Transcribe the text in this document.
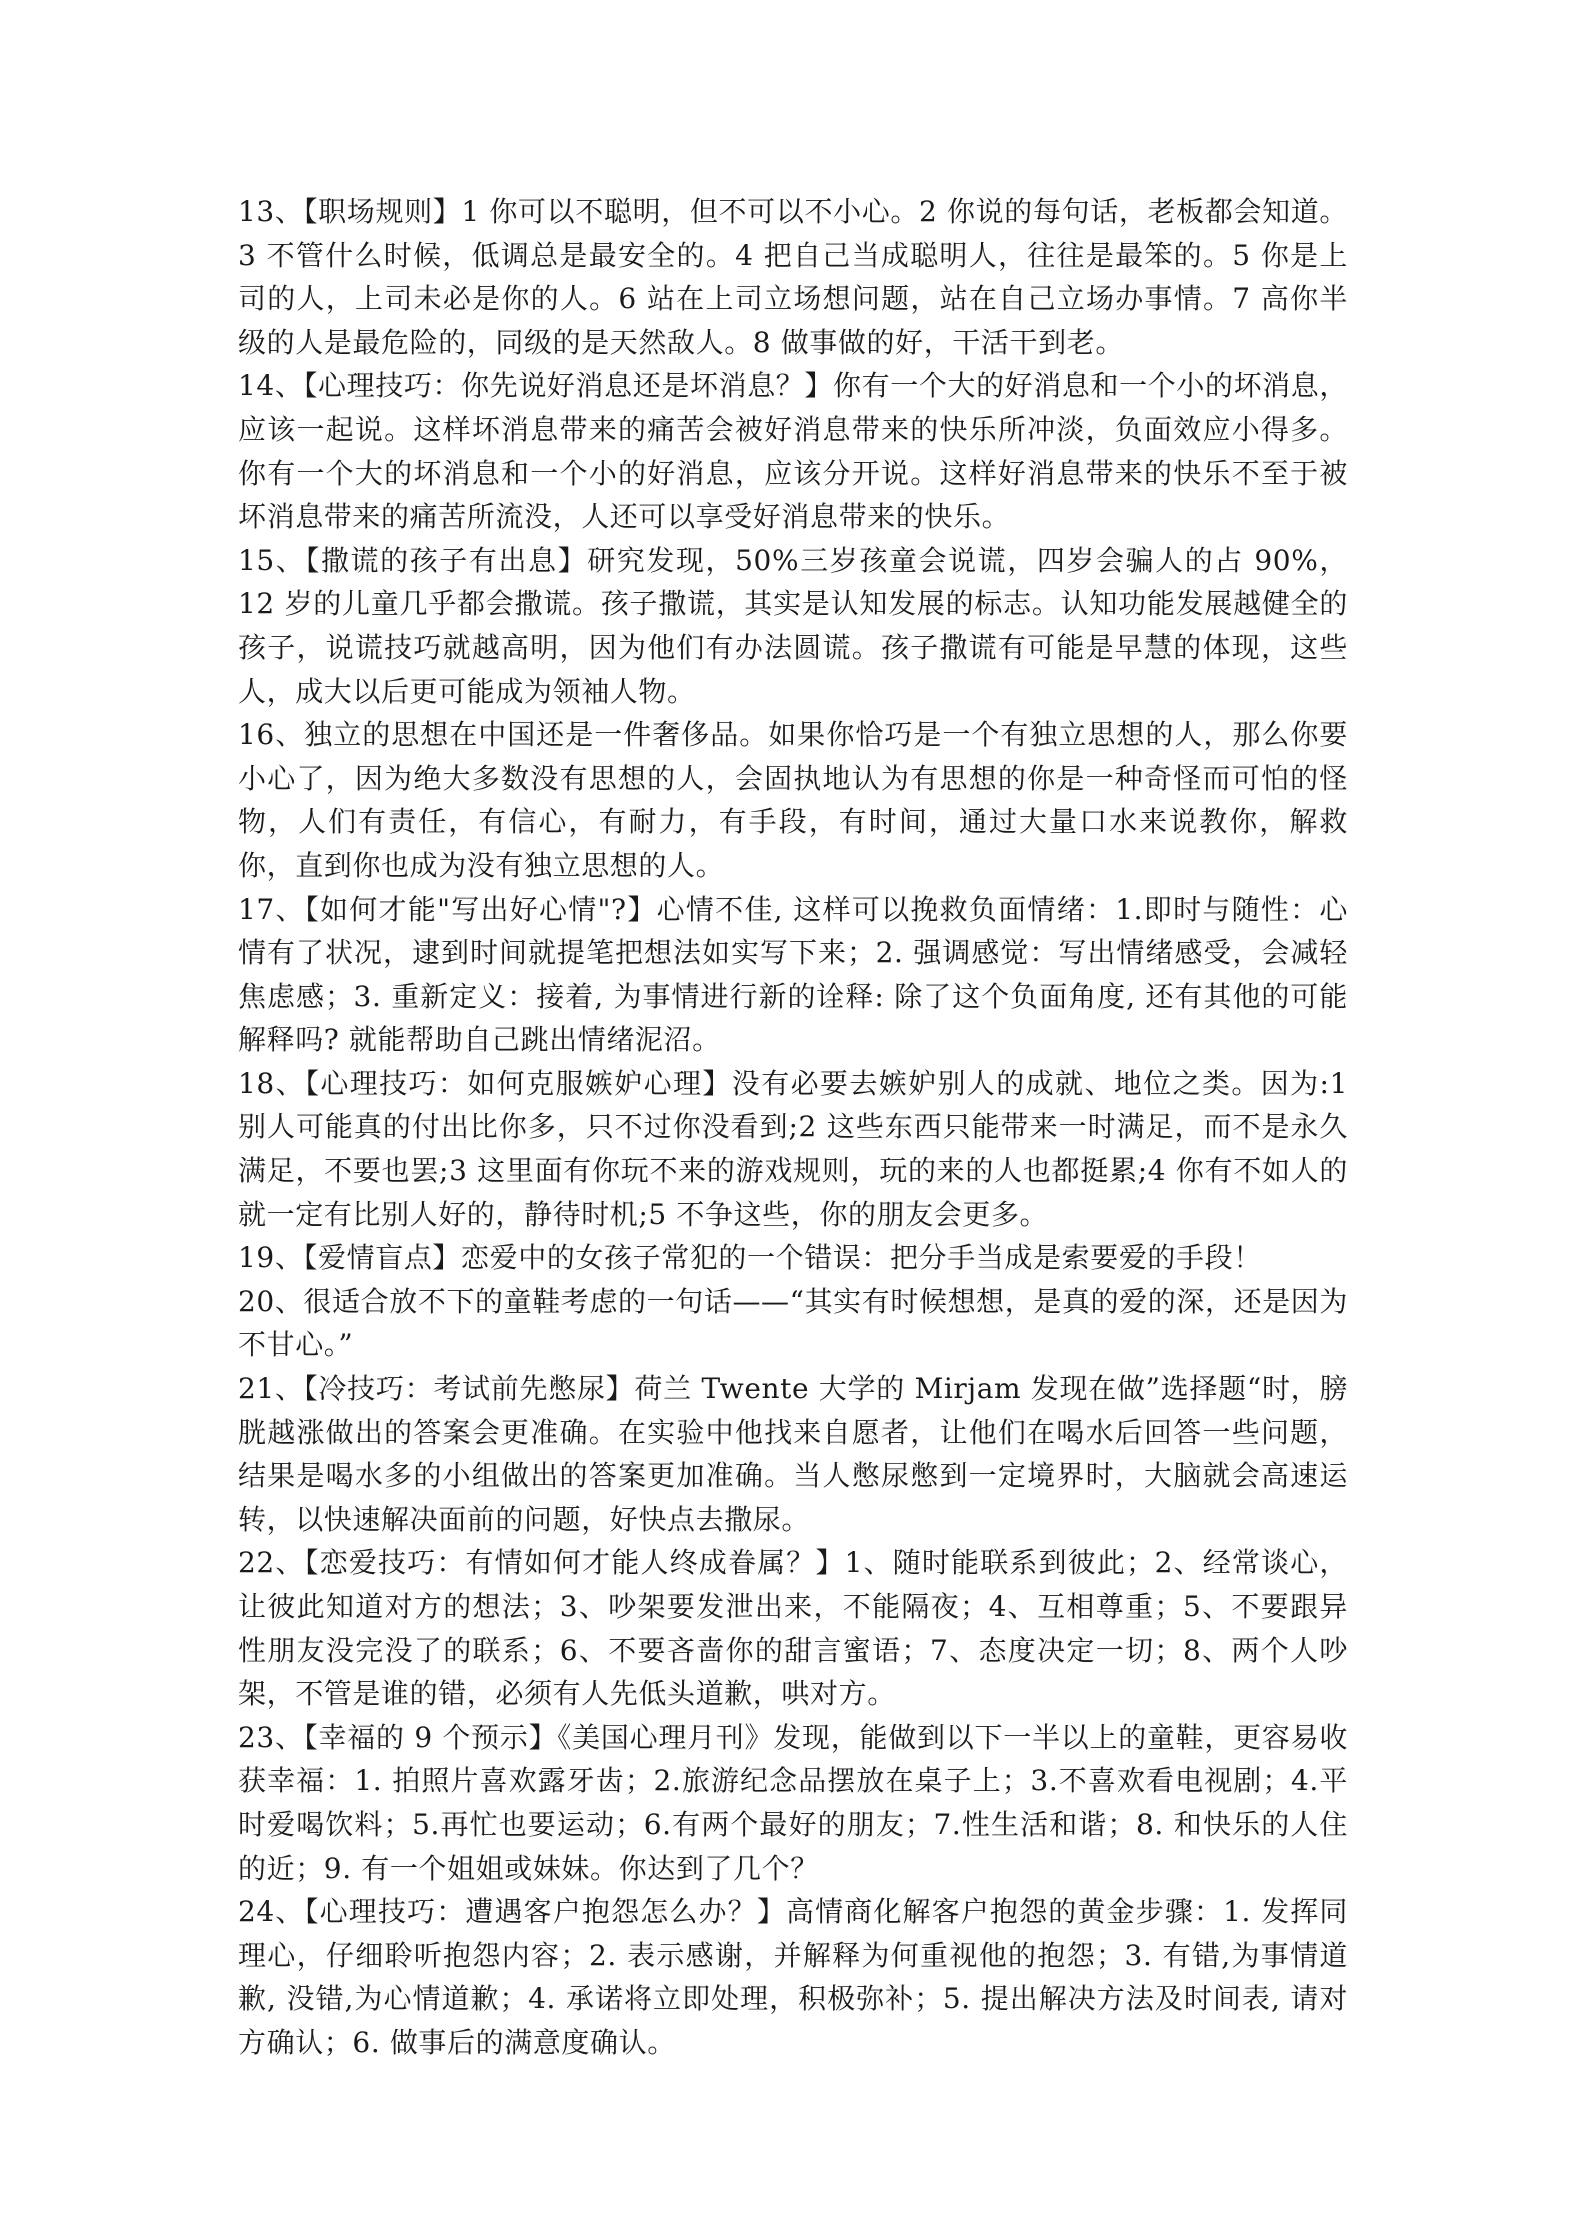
13、【职场规则】1 你可以不聪明，但不可以不小心。2 你说的每句话，老板都会知道。3 不管什么时候，低调总是最安全的。4 把自己当成聪明人，往往是最笨的。5 你是上司的人，上司未必是你的人。6 站在上司立场想问题，站在自己立场办事情。7 高你半级的人是最危险的，同级的是天然敌人。8 做事做的好，干活干到老。

14、【心理技巧：你先说好消息还是坏消息？】你有一个大的好消息和一个小的坏消息，应该一起说。这样坏消息带来的痛苦会被好消息带来的快乐所冲淡，负面效应小得多。你有一个大的坏消息和一个小的好消息，应该分开说。这样好消息带来的快乐不至于被坏消息带来的痛苦所流没，人还可以享受好消息带来的快乐。

15、【撒谎的孩子有出息】研究发现，50%三岁孩童会说谎，四岁会骗人的占 90%，12 岁的儿童几乎都会撒谎。孩子撒谎，其实是认知发展的标志。认知功能发展越健全的孩子，说谎技巧就越高明，因为他们有办法圆谎。孩子撒谎有可能是早慧的体现，这些人，成大以后更可能成为领袖人物。

16、独立的思想在中国还是一件奢侈品。如果你恰巧是一个有独立思想的人，那么你要小心了，因为绝大多数没有思想的人，会固执地认为有思想的你是一种奇怪而可怕的怪物，人们有责任，有信心，有耐力，有手段，有时间，通过大量口水来说教你，解救你，直到你也成为没有独立思想的人。

17、【如何才能"写出好心情"?】心情不佳, 这样可以挽救负面情绪：1.即时与随性：心情有了状况，逮到时间就提笔把想法如实写下来；2. 强调感觉：写出情绪感受，会减轻焦虑感；3. 重新定义：接着, 为事情进行新的诠释: 除了这个负面角度, 还有其他的可能解释吗? 就能帮助自己跳出情绪泥沼。

18、【心理技巧：如何克服嫉妒心理】没有必要去嫉妒别人的成就、地位之类。因为:1 别人可能真的付出比你多，只不过你没看到;2 这些东西只能带来一时满足，而不是永久满足，不要也罢;3 这里面有你玩不来的游戏规则，玩的来的人也都挺累;4 你有不如人的就一定有比别人好的，静待时机;5 不争这些，你的朋友会更多。

19、【爱情盲点】恋爱中的女孩子常犯的一个错误：把分手当成是索要爱的手段！

20、很适合放不下的童鞋考虑的一句话——“其实有时候想想，是真的爱的深，还是因为不甘心。”

21、【冷技巧：考试前先憋尿】荷兰 Twente 大学的 Mirjam 发现在做”选择题“时，膀胱越涨做出的答案会更准确。在实验中他找来自愿者，让他们在喝水后回答一些问题，结果是喝水多的小组做出的答案更加准确。当人憋尿憋到一定境界时，大脑就会高速运转，以快速解决面前的问题，好快点去撒尿。

22、【恋爱技巧：有情如何才能人终成眷属？】1、随时能联系到彼此；2、经常谈心，让彼此知道对方的想法；3、吵架要发泄出来，不能隔夜；4、互相尊重；5、不要跟异性朋友没完没了的联系；6、不要吝啬你的甜言蜜语；7、态度决定一切；8、两个人吵架，不管是谁的错，必须有人先低头道歉，哄对方。

23、【幸福的 9 个预示】《美国心理月刊》发现，能做到以下一半以上的童鞋，更容易收获幸福：1. 拍照片喜欢露牙齿；2.旅游纪念品摆放在桌子上；3.不喜欢看电视剧；4.平时爱喝饮料；5.再忙也要运动；6.有两个最好的朋友；7.性生活和谐；8. 和快乐的人住的近；9. 有一个姐姐或妹妹。你达到了几个？

24、【心理技巧：遭遇客户抱怨怎么办？】高情商化解客户抱怨的黄金步骤：1. 发挥同理心，仔细聆听抱怨内容；2. 表示感谢，并解释为何重视他的抱怨；3. 有错,为事情道歉, 没错,为心情道歉；4. 承诺将立即处理，积极弥补；5. 提出解决方法及时间表, 请对方确认；6. 做事后的满意度确认。
